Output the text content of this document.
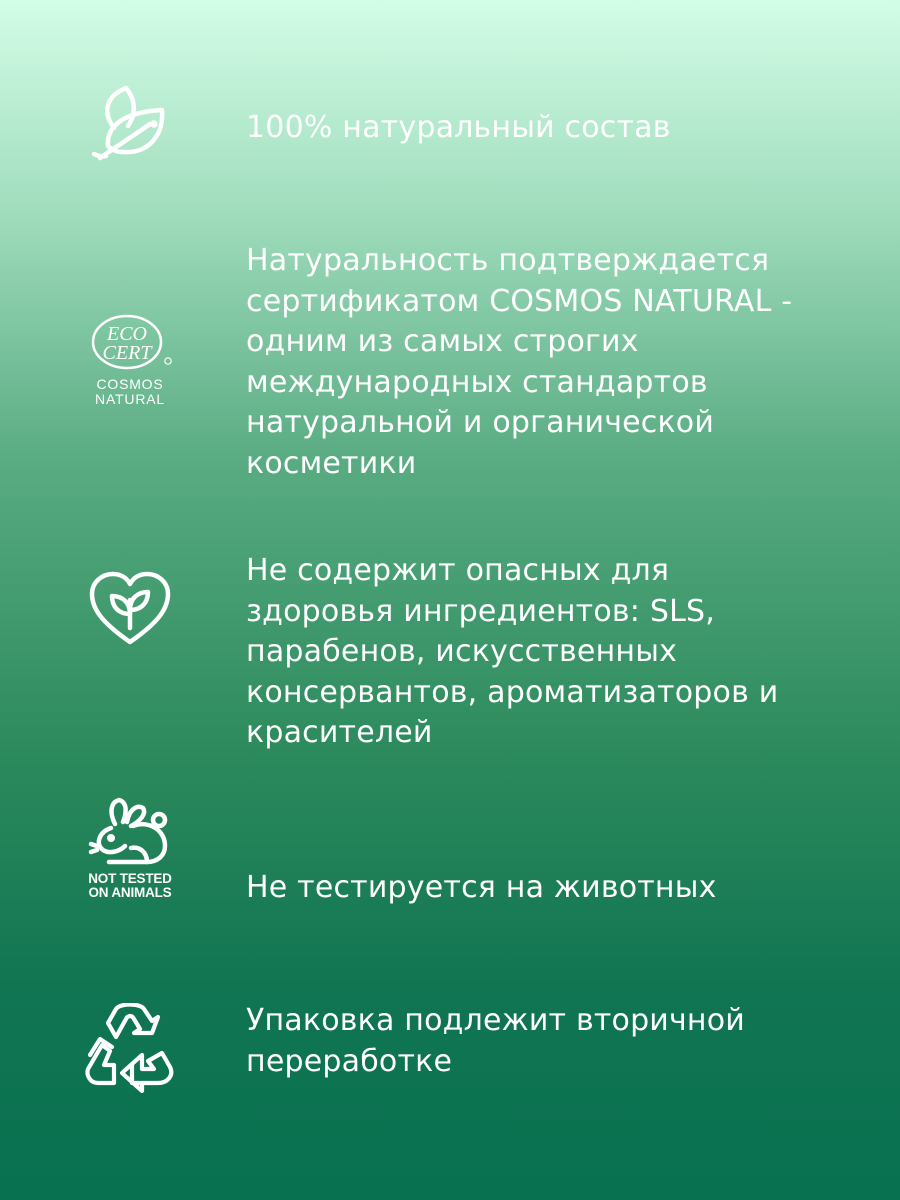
100% натуральный состав

ECO
CERT
COSMOS
NATURAL

Натуральность подтверждается сертификатом COSMOS NATURAL - одним из самых строгих международных стандартов натуральной и органической косметики

Не содержит опасных для здоровья ингредиентов: SLS, парабенов, искусственных консервантов, ароматизаторов и красителей

NOT TESTED
ON ANIMALS Не тестируется на животных

Упаковка подлежит вторичной переработке
